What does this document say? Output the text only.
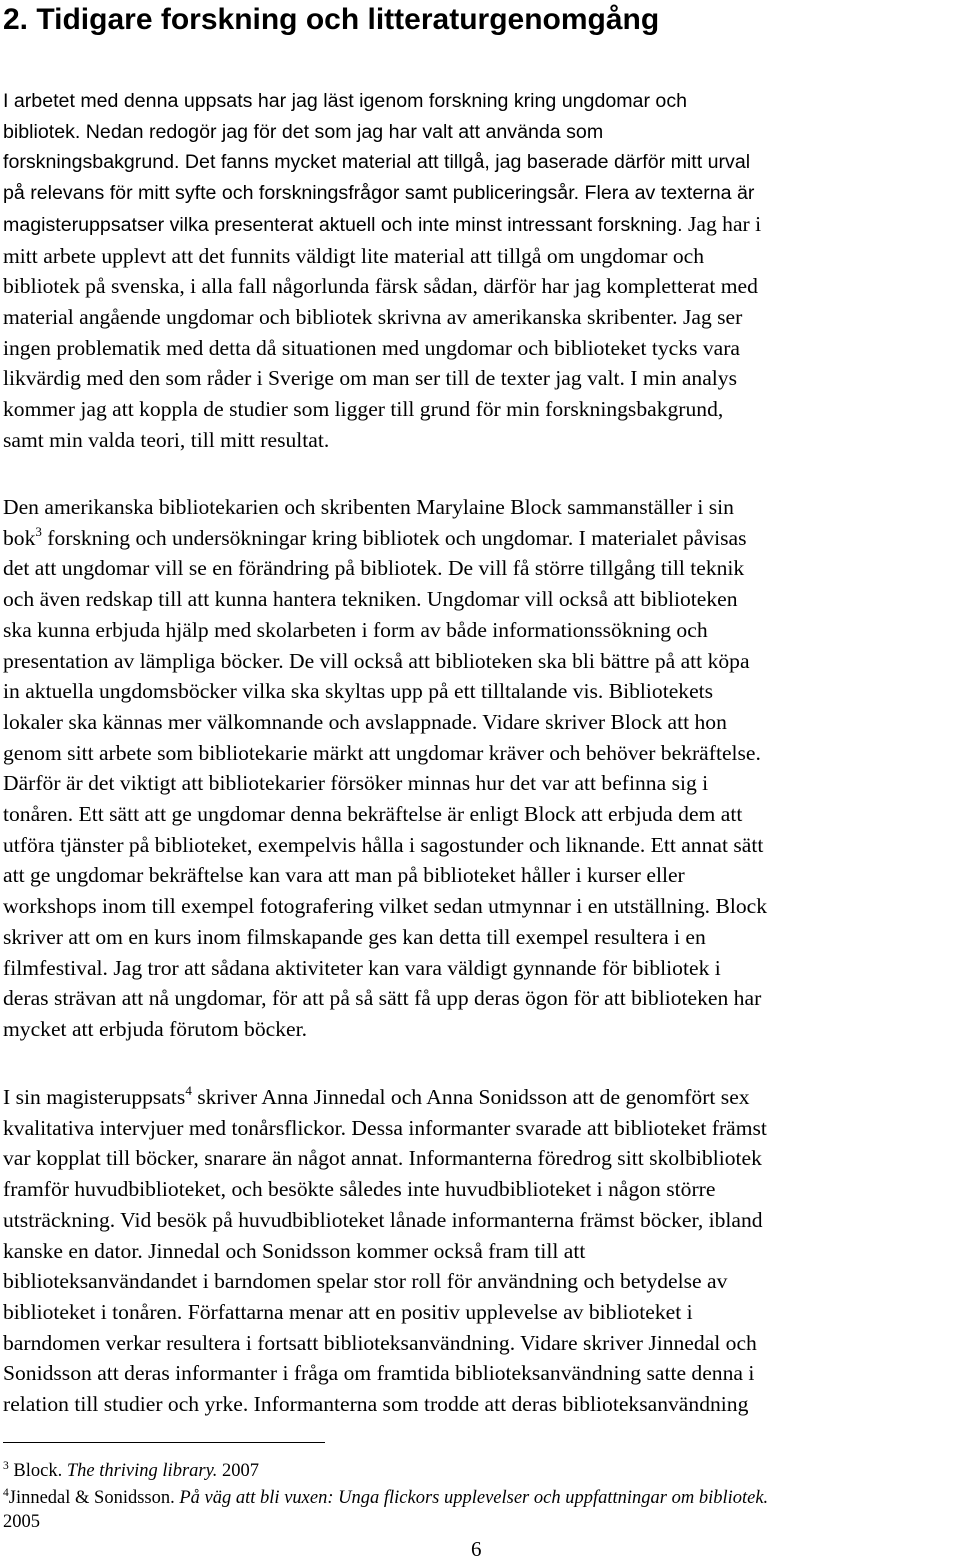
2. Tidigare forskning och litteraturgenomgång
I arbetet med denna uppsats har jag läst igenom forskning kring ungdomar och
bibliotek. Nedan redogör jag för det som jag har valt att använda som
forskningsbakgrund. Det fanns mycket material att tillgå, jag baserade därför mitt urval
på relevans för mitt syfte och forskningsfrågor samt publiceringsår. Flera av texterna är
magisteruppsatser vilka presenterat aktuell och inte minst intressant forskning. Jag har i
mitt arbete upplevt att det funnits väldigt lite material att tillgå om ungdomar och
bibliotek på svenska, i alla fall någorlunda färsk sådan, därför har jag kompletterat med
material angående ungdomar och bibliotek skrivna av amerikanska skribenter. Jag ser
ingen problematik med detta då situationen med ungdomar och biblioteket tycks vara
likvärdig med den som råder i Sverige om man ser till de texter jag valt. I min analys
kommer jag att koppla de studier som ligger till grund för min forskningsbakgrund,
samt min valda teori, till mitt resultat.
Den amerikanska bibliotekarien och skribenten Marylaine Block sammanställer i sin
bok$^3$ forskning och undersökningar kring bibliotek och ungdomar. I materialet påvisas
det att ungdomar vill se en förändring på bibliotek. De vill få större tillgång till teknik
och även redskap till att kunna hantera tekniken. Ungdomar vill också att biblioteken
ska kunna erbjuda hjälp med skolarbeten i form av både informationssökning och
presentation av lämpliga böcker. De vill också att biblioteken ska bli bättre på att köpa
in aktuella ungdomsböcker vilka ska skyltas upp på ett tilltalande vis. Bibliotekets
lokaler ska kännas mer välkomnande och avslappnade. Vidare skriver Block att hon
genom sitt arbete som bibliotekarie märkt att ungdomar kräver och behöver bekräftelse.
Därför är det viktigt att bibliotekarier försöker minnas hur det var att befinna sig i
tonåren. Ett sätt att ge ungdomar denna bekräftelse är enligt Block att erbjuda dem att
utföra tjänster på biblioteket, exempelvis hålla i sagostunder och liknande. Ett annat sätt
att ge ungdomar bekräftelse kan vara att man på biblioteket håller i kurser eller
workshops inom till exempel fotografering vilket sedan utmynnar i en utställning. Block
skriver att om en kurs inom filmskapande ges kan detta till exempel resultera i en
filmfestival. Jag tror att sådana aktiviteter kan vara väldigt gynnande för bibliotek i
deras strävan att nå ungdomar, för att på så sätt få upp deras ögon för att biblioteken har
mycket att erbjuda förutom böcker.
I sin magisteruppsats$^4$ skriver Anna Jinnedal och Anna Sonidsson att de genomfört sex
kvalitativa intervjuer med tonårsflickor. Dessa informanter svarade att biblioteket främst
var kopplat till böcker, snarare än något annat. Informanterna föredrog sitt skolbibliotek
framför huvudbiblioteket, och besökte således inte huvudbiblioteket i någon större
utsträckning. Vid besök på huvudbiblioteket lånade informanterna främst böcker, ibland
kanske en dator. Jinnedal och Sonidsson kommer också fram till att
biblioteksanvändandet i barndomen spelar stor roll för användning och betydelse av
biblioteket i tonåren. Författarna menar att en positiv upplevelse av biblioteket i
barndomen verkar resultera i fortsatt biblioteksanvändning. Vidare skriver Jinnedal och
Sonidsson att deras informanter i fråga om framtida biblioteksanvändning satte denna i
relation till studier och yrke. Informanterna som trodde att deras biblioteksanvändning
$^3$ Block. The thriving library. 2007
$^4$Jinnedal & Sonidsson. På väg att bli vuxen: Unga flickors upplevelser och uppfattningar om bibliotek.
2005
6
